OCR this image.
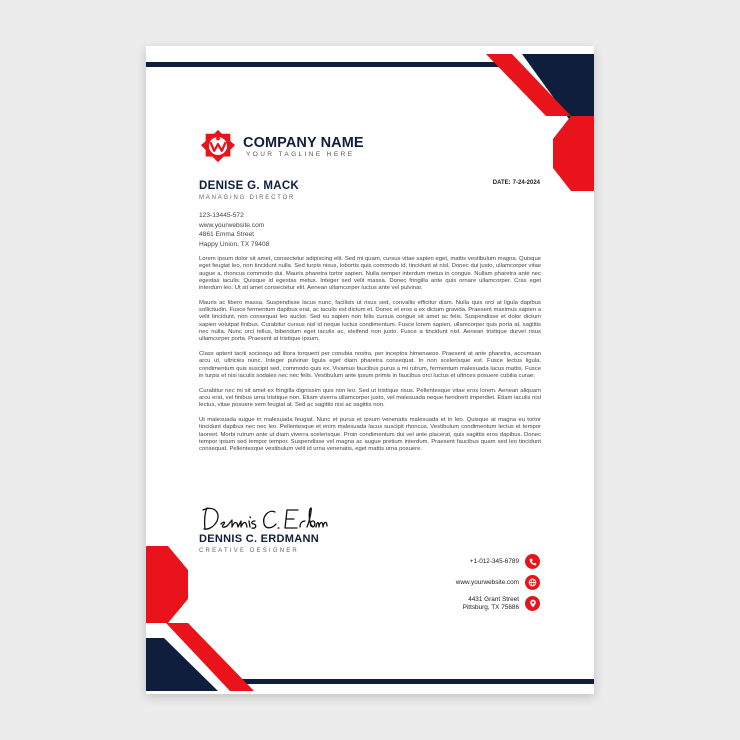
COMPANY NAME
YOUR TAGLINE HERE
DENISE G. MACK
MANAGING DIRECTOR
DATE: 7-24-2024
123-13445-572
www.yourwebsite.com
4861 Emma Street
Happy Union, TX 79408

Lorem ipsum dolor sit amet, consectetur adipiscing elit. Sed mi quam, cursus vitae sapien eget, mattis vestibulum magna. Quisque eget feugiat leo, non tincidunt nulla. Sed turpis nisus, lobortis quis commodo id, tincidunt at nisl. Donec dui justo, ullamcorper vitae augue a, rhoncus commodo dui. Mauris pharetra tortor sapien. Nulla semper interdum metus in congue. Nullam pharetra ante nec egestas iaculis. Quisque id egestas metus. Integer sed velit massa. Donec fringilla ante quis ornare ullamcorper. Cras eget interdum leo. Ut sit amet consectetur elit. Aenean ullamcorper luctus ante vel pulvinar.

Mauris ac libero massa. Suspendisse lacus nunc, facilisis ut risus sed, convallis efficitur diam. Nulla quis orci at ligula dapibus sollicitudin. Fusce fermentum dapibus erat, ac iaculis est dictum et. Donec et eros a ex dictum gravida. Praesent maximus sapien a velit tincidunt, non consequat leo auctor. Sed eu sapien non felis cursus congue sit amet ac felis. Suspendisse et dolor dictum sapien volutpat finibus. Curabitur cursus nisl id neque luctus condimentum. Fusce lorem sapien, ullamcorper quis porta at, sagittis nec nulla. Nunc orci tellus, bibendum eget iaculis ac, eleifend non justo. Fusce a tincidunt nisl. Aenean tristique durvel risus ullamcorper porta. Praesent at tristique ipsum.

Class aptent taciti sociosqu ad litora torquent per conubia nostra, per inceptos himenaeos. Praesent at ante pharetra, accumsan arcu ut, ultricies nunc. Integer pulvinar ligula eget diam pharetra consequat. In non scelerisque est. Fusce lectus ligula, condimentum quis suscipit sed, commodo quis ex. Vivamus faucibus purus a mi rutrum, fermentum malesuada lacus mattis. Fusce in turpis et nisi iaculis sodales nec nec felis. Vestibulum ante ipsum primis in faucibus orci luctus et ultrices posuere cubilia curae;

Curabitur nec mi sit amet ex fringilla dignissim quis non leo. Sed ut tristique risus. Pellentesque vitae eros lorem. Aenean aliquam arcu erat, vel finibus urna tristique non. Etiam viverra ullamcorper justo, vel malesuada neque hendrerit imperdiet. Etiam iaculis nisl lectus, vitae posuere sem feugiat at. Sed ac sagittis nisi ac sagittis non.

Ut malesuada augue in malesuada feugiat. Nunc et purus et ipsum venenatis malesuada et in leo. Quisque at magna eu tortor tincidunt dapibus nec nec leo. Pellentesque et enim malesuada lacus suscipit rhoncus. Vestibulum condimentum lectus et tempor laoreet. Morbi rutrum ante ut diam viverra scelerisque. Proin condimentum dui vel ante placerat, quis sagittis eros dapibus. Donec tempor ipsum sed tempor tempor. Suspendisse vel magna ac augue pretium interdum. Praesent faucibus quam sed leo tincidunt consequat. Pellentesque vestibulum velit id urna venenatis, eget mattis urna posuere.

DENNIS C. ERDMANN
CREATIVE DESIGNER
+1-012-345-6789
www.yourwebsite.com
4431 Grant Street
Pittsburg, TX 75686
